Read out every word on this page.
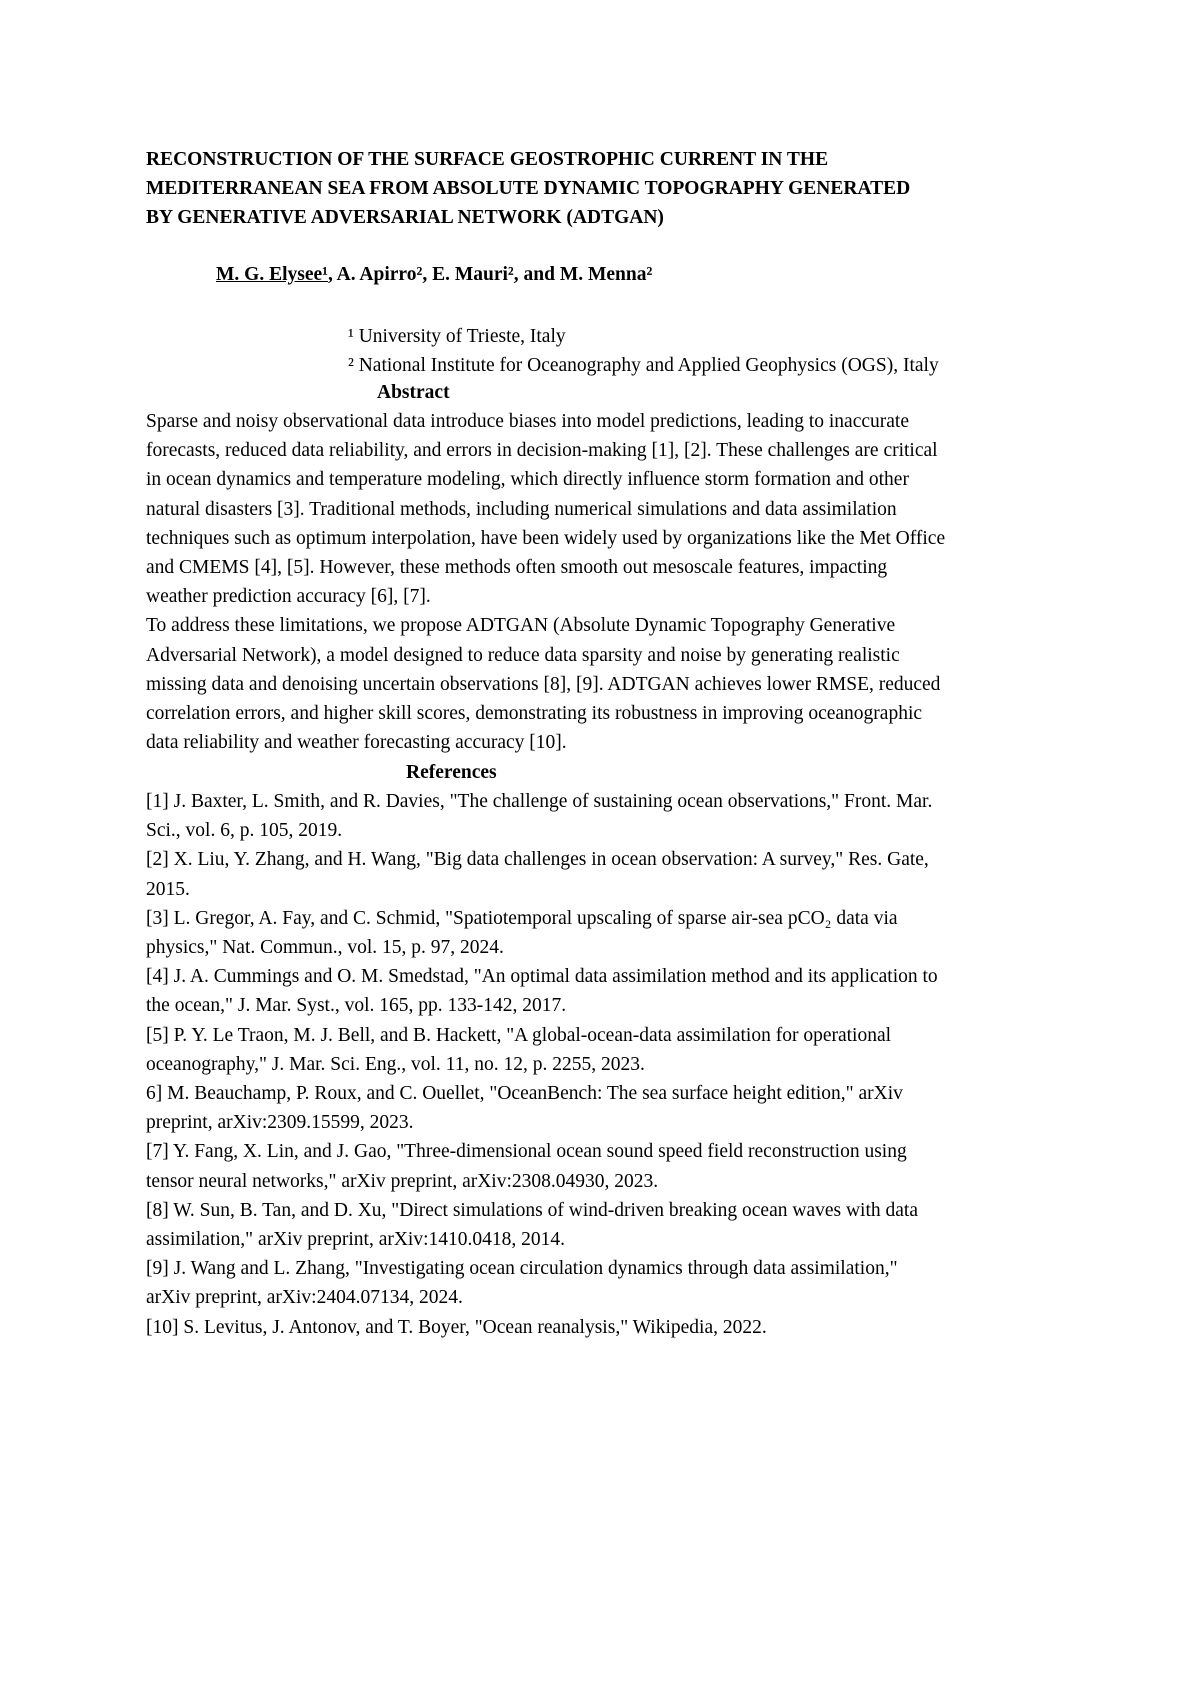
RECONSTRUCTION OF THE SURFACE GEOSTROPHIC CURRENT IN THE
MEDITERRANEAN SEA FROM ABSOLUTE DYNAMIC TOPOGRAPHY GENERATED
BY GENERATIVE ADVERSARIAL NETWORK (ADTGAN)
M. G. Elysee¹, A. Apirro², E. Mauri², and M. Menna²
¹ University of Trieste, Italy
² National Institute for Oceanography and Applied Geophysics (OGS), Italy
Abstract
Sparse and noisy observational data introduce biases into model predictions, leading to inaccurate
forecasts, reduced data reliability, and errors in decision-making [1], [2]. These challenges are critical
in ocean dynamics and temperature modeling, which directly influence storm formation and other
natural disasters [3]. Traditional methods, including numerical simulations and data assimilation
techniques such as optimum interpolation, have been widely used by organizations like the Met Office
and CMEMS [4], [5]. However, these methods often smooth out mesoscale features, impacting
weather prediction accuracy [6], [7].
To address these limitations, we propose ADTGAN (Absolute Dynamic Topography Generative
Adversarial Network), a model designed to reduce data sparsity and noise by generating realistic
missing data and denoising uncertain observations [8], [9]. ADTGAN achieves lower RMSE, reduced
correlation errors, and higher skill scores, demonstrating its robustness in improving oceanographic
data reliability and weather forecasting accuracy [10].
References
[1] J. Baxter, L. Smith, and R. Davies, "The challenge of sustaining ocean observations," Front. Mar.
Sci., vol. 6, p. 105, 2019.
[2] X. Liu, Y. Zhang, and H. Wang, "Big data challenges in ocean observation: A survey," Res. Gate,
2015.
[3] L. Gregor, A. Fay, and C. Schmid, "Spatiotemporal upscaling of sparse air-sea pCO₂ data via
physics," Nat. Commun., vol. 15, p. 97, 2024.
[4] J. A. Cummings and O. M. Smedstad, "An optimal data assimilation method and its application to
the ocean," J. Mar. Syst., vol. 165, pp. 133-142, 2017.
[5] P. Y. Le Traon, M. J. Bell, and B. Hackett, "A global-ocean-data assimilation for operational
oceanography," J. Mar. Sci. Eng., vol. 11, no. 12, p. 2255, 2023.
6] M. Beauchamp, P. Roux, and C. Ouellet, "OceanBench: The sea surface height edition," arXiv
preprint, arXiv:2309.15599, 2023.
[7] Y. Fang, X. Lin, and J. Gao, "Three-dimensional ocean sound speed field reconstruction using
tensor neural networks," arXiv preprint, arXiv:2308.04930, 2023.
[8] W. Sun, B. Tan, and D. Xu, "Direct simulations of wind-driven breaking ocean waves with data
assimilation," arXiv preprint, arXiv:1410.0418, 2014.
[9] J. Wang and L. Zhang, "Investigating ocean circulation dynamics through data assimilation,"
arXiv preprint, arXiv:2404.07134, 2024.
[10] S. Levitus, J. Antonov, and T. Boyer, "Ocean reanalysis," Wikipedia, 2022.
